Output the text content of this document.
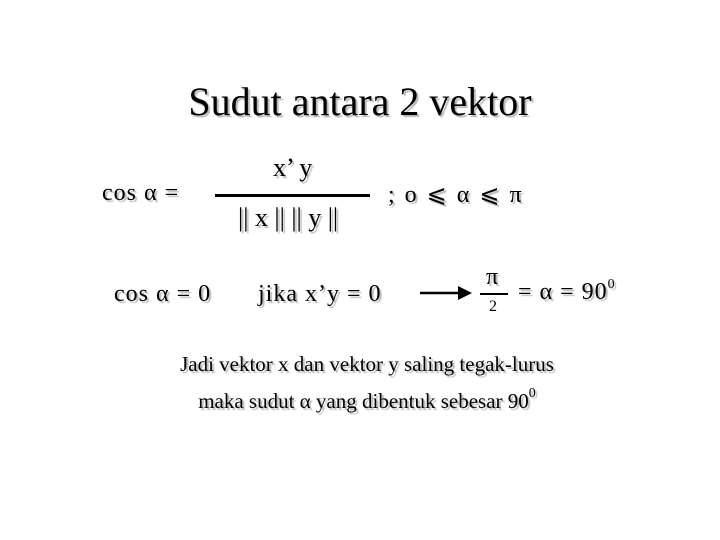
Sudut antara 2 vektor
cos α =
x’ y
|| x || || y ||
; o ⩽ α ⩽ π
cos α = 0 jika x’y = 0
π
2
= $\alpha = 90^0$
Jadi vektor x dan vektor y saling tegak-lurus
maka sudut α yang dibentuk sebesar $90^0$
